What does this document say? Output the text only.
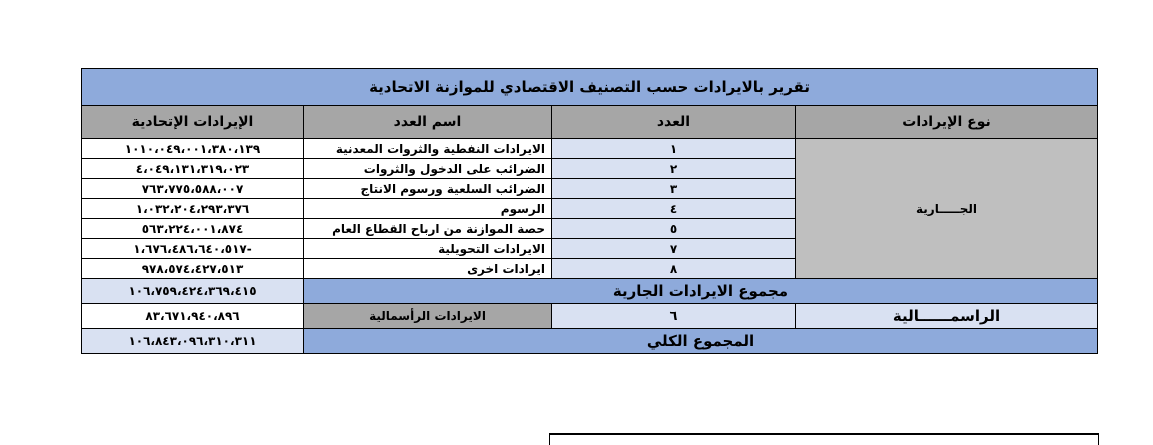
تقرير بالايرادات حسب التصنيف الاقتصادي للموازنة الاتحادية			
الإيرادات الإتحادية	اسم العدد	العدد	نوع الإيرادات
١٠١٠،٠٤٩،٠٠١،٣٨٠،١٣٩	الايرادات النفطية والثروات المعدنية	١	الجـــــارية
٤،٠٤٩،١٣١،٣١٩،٠٢٣	الضرائب على الدخول والثروات	٢	
٧٦٣،٧٧٥،٥٨٨،٠٠٧	الضرائب السلعية ورسوم الانتاج	٣	
١،٠٣٢،٢٠٤،٢٩٣،٣٧٦	الرسوم	٤	
٥٦٣،٢٢٤،٠٠١،٨٧٤	حصة الموازنة من ارباح القطاع العام	٥	
١،٦٧٦،٤٨٦،٦٤٠،٥١٧-	الايرادات التحويلية	٧	
٩٧٨،٥٧٤،٤٢٧،٥١٣	ايرادات اخرى	٨	
١٠٦،٧٥٩،٤٢٤،٣٦٩،٤١٥	مجموع الايرادات الجارية		
٨٣،٦٧١،٩٤٠،٨٩٦	الايرادات الرأسمالية	٦	الراسمــــــالية
١٠٦،٨٤٣،٠٩٦،٣١٠،٣١١	المجموع الكلي		
